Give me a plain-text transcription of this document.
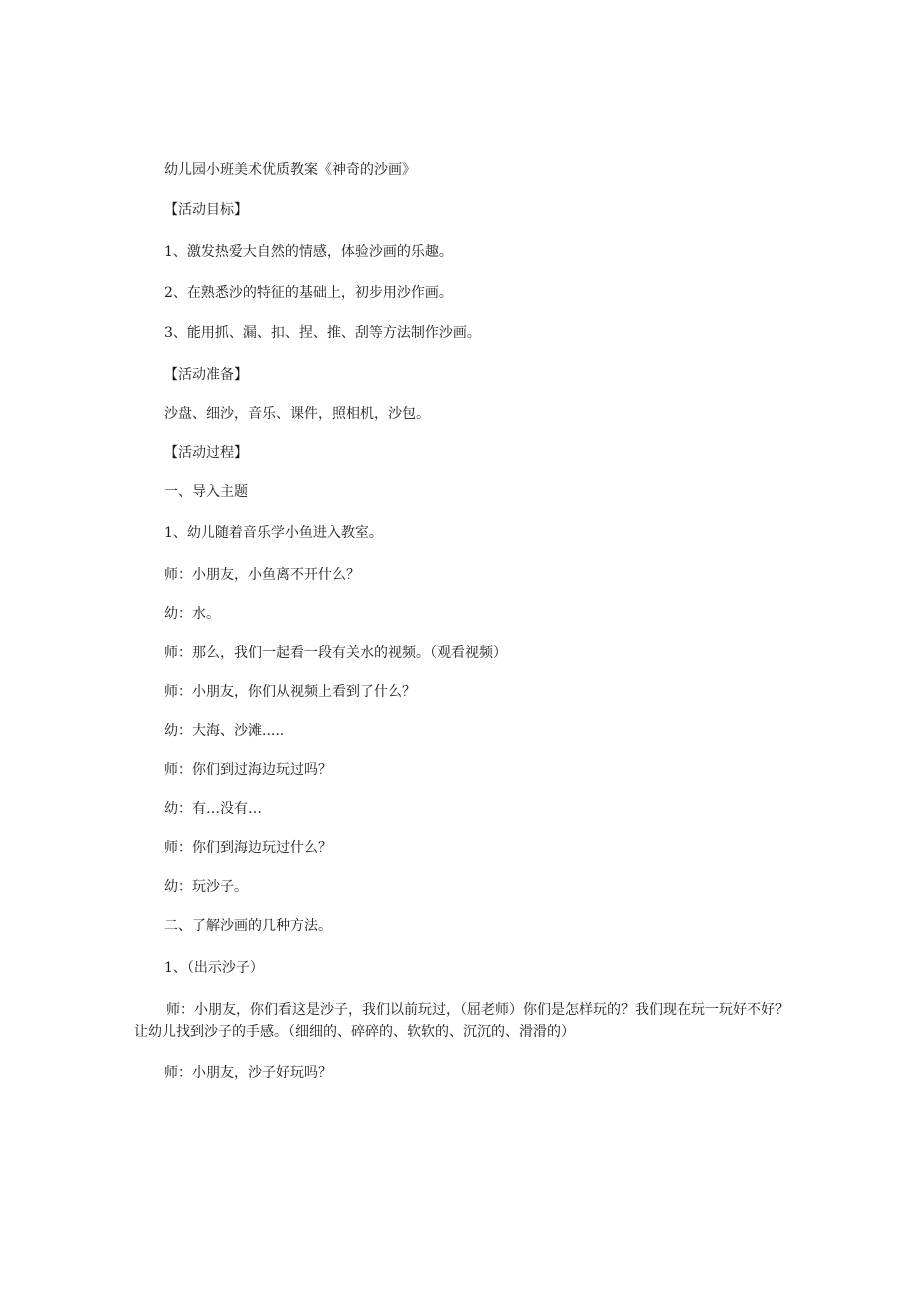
幼儿园小班美术优质教案《神奇的沙画》
【活动目标】
1、激发热爱大自然的情感，体验沙画的乐趣。
2、在熟悉沙的特征的基础上，初步用沙作画。
3、能用抓、漏、扣、捏、推、刮等方法制作沙画。
【活动准备】
沙盘、细沙，音乐、课件，照相机，沙包。
【活动过程】
一、导入主题
1、幼儿随着音乐学小鱼进入教室。
师：小朋友，小鱼离不开什么？
幼：水。
师：那么，我们一起看一段有关水的视频。（观看视频）
师：小朋友，你们从视频上看到了什么？
幼：大海、沙滩.....
师：你们到过海边玩过吗？
幼：有…没有…
师：你们到海边玩过什么？
幼：玩沙子。
二、了解沙画的几种方法。
1、（出示沙子）
师：小朋友，你们看这是沙子，我们以前玩过，（屈老师）你们是怎样玩的？我们现在玩一玩好不好？让幼儿找到沙子的手感。（细细的、碎碎的、软软的、沉沉的、滑滑的）
师：小朋友，沙子好玩吗？
